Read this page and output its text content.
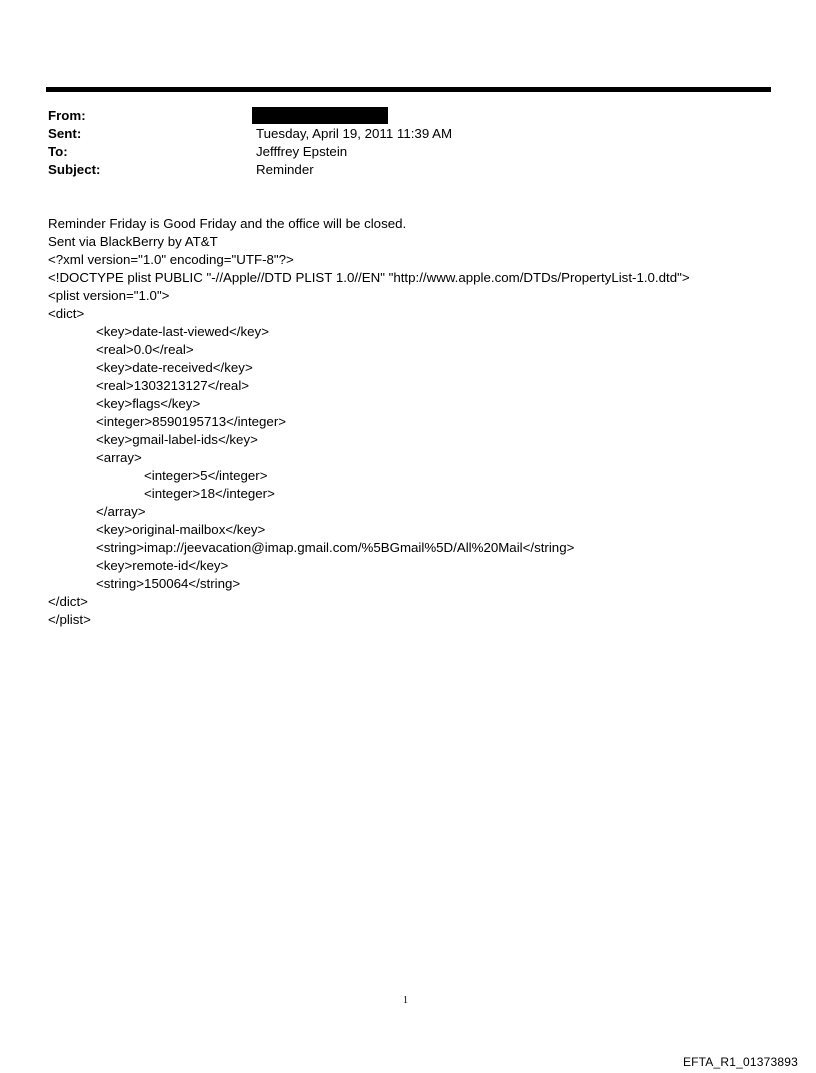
From:
Sent:	Tuesday, April 19, 2011 11:39 AM
To:	Jefffrey Epstein
Subject:	Reminder
Reminder Friday is Good Friday and the office will be closed.
Sent via BlackBerry by AT&T
<?xml version="1.0" encoding="UTF-8"?>
<!DOCTYPE plist PUBLIC "-//Apple//DTD PLIST 1.0//EN" "http://www.apple.com/DTDs/PropertyList-1.0.dtd">
<plist version="1.0">
<dict>
<key>date-last-viewed</key>
<real>0.0</real>
<key>date-received</key>
<real>1303213127</real>
<key>flags</key>
<integer>8590195713</integer>
<key>gmail-label-ids</key>
<array>
<integer>5</integer>
<integer>18</integer>
</array>
<key>original-mailbox</key>
<string>imap://jeevacation@imap.gmail.com/%5BGmail%5D/All%20Mail</string>
<key>remote-id</key>
<string>150064</string>
</dict>
</plist>
1
EFTA_R1_01373893
